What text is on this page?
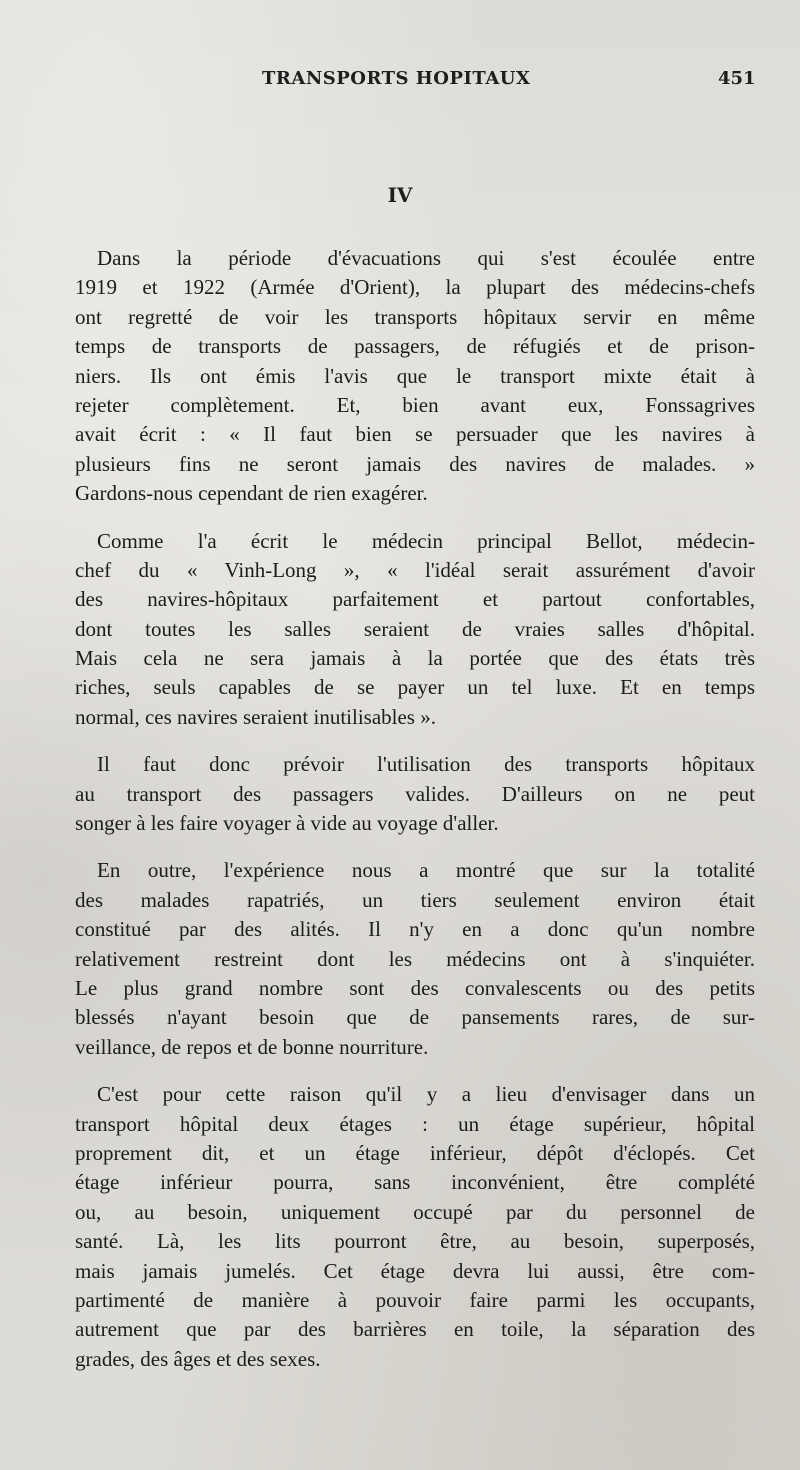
TRANSPORTS HOPITAUX	451
IV
Dans la période d'évacuations qui s'est écoulée entre
1919 et 1922 (Armée d'Orient), la plupart des médecins-chefs
ont regretté de voir les transports hôpitaux servir en même
temps de transports de passagers, de réfugiés et de prison-
niers. Ils ont émis l'avis que le transport mixte était à
rejeter complètement. Et, bien avant eux, Fonssagrives
avait écrit : « Il faut bien se persuader que les navires à
plusieurs fins ne seront jamais des navires de malades. »
Gardons-nous cependant de rien exagérer.
Comme l'a écrit le médecin principal Bellot, médecin-
chef du « Vinh-Long », « l'idéal serait assurément d'avoir
des navires-hôpitaux parfaitement et partout confortables,
dont toutes les salles seraient de vraies salles d'hôpital.
Mais cela ne sera jamais à la portée que des états très
riches, seuls capables de se payer un tel luxe. Et en temps
normal, ces navires seraient inutilisables ».
Il faut donc prévoir l'utilisation des transports hôpitaux
au transport des passagers valides. D'ailleurs on ne peut
songer à les faire voyager à vide au voyage d'aller.
En outre, l'expérience nous a montré que sur la totalité
des malades rapatriés, un tiers seulement environ était
constitué par des alités. Il n'y en a donc qu'un nombre
relativement restreint dont les médecins ont à s'inquiéter.
Le plus grand nombre sont des convalescents ou des petits
blessés n'ayant besoin que de pansements rares, de sur-
veillance, de repos et de bonne nourriture.
C'est pour cette raison qu'il y a lieu d'envisager dans un
transport hôpital deux étages : un étage supérieur, hôpital
proprement dit, et un étage inférieur, dépôt d'éclopés. Cet
étage inférieur pourra, sans inconvénient, être complété
ou, au besoin, uniquement occupé par du personnel de
santé. Là, les lits pourront être, au besoin, superposés,
mais jamais jumelés. Cet étage devra lui aussi, être com-
partimenté de manière à pouvoir faire parmi les occupants,
autrement que par des barrières en toile, la séparation des
grades, des âges et des sexes.
